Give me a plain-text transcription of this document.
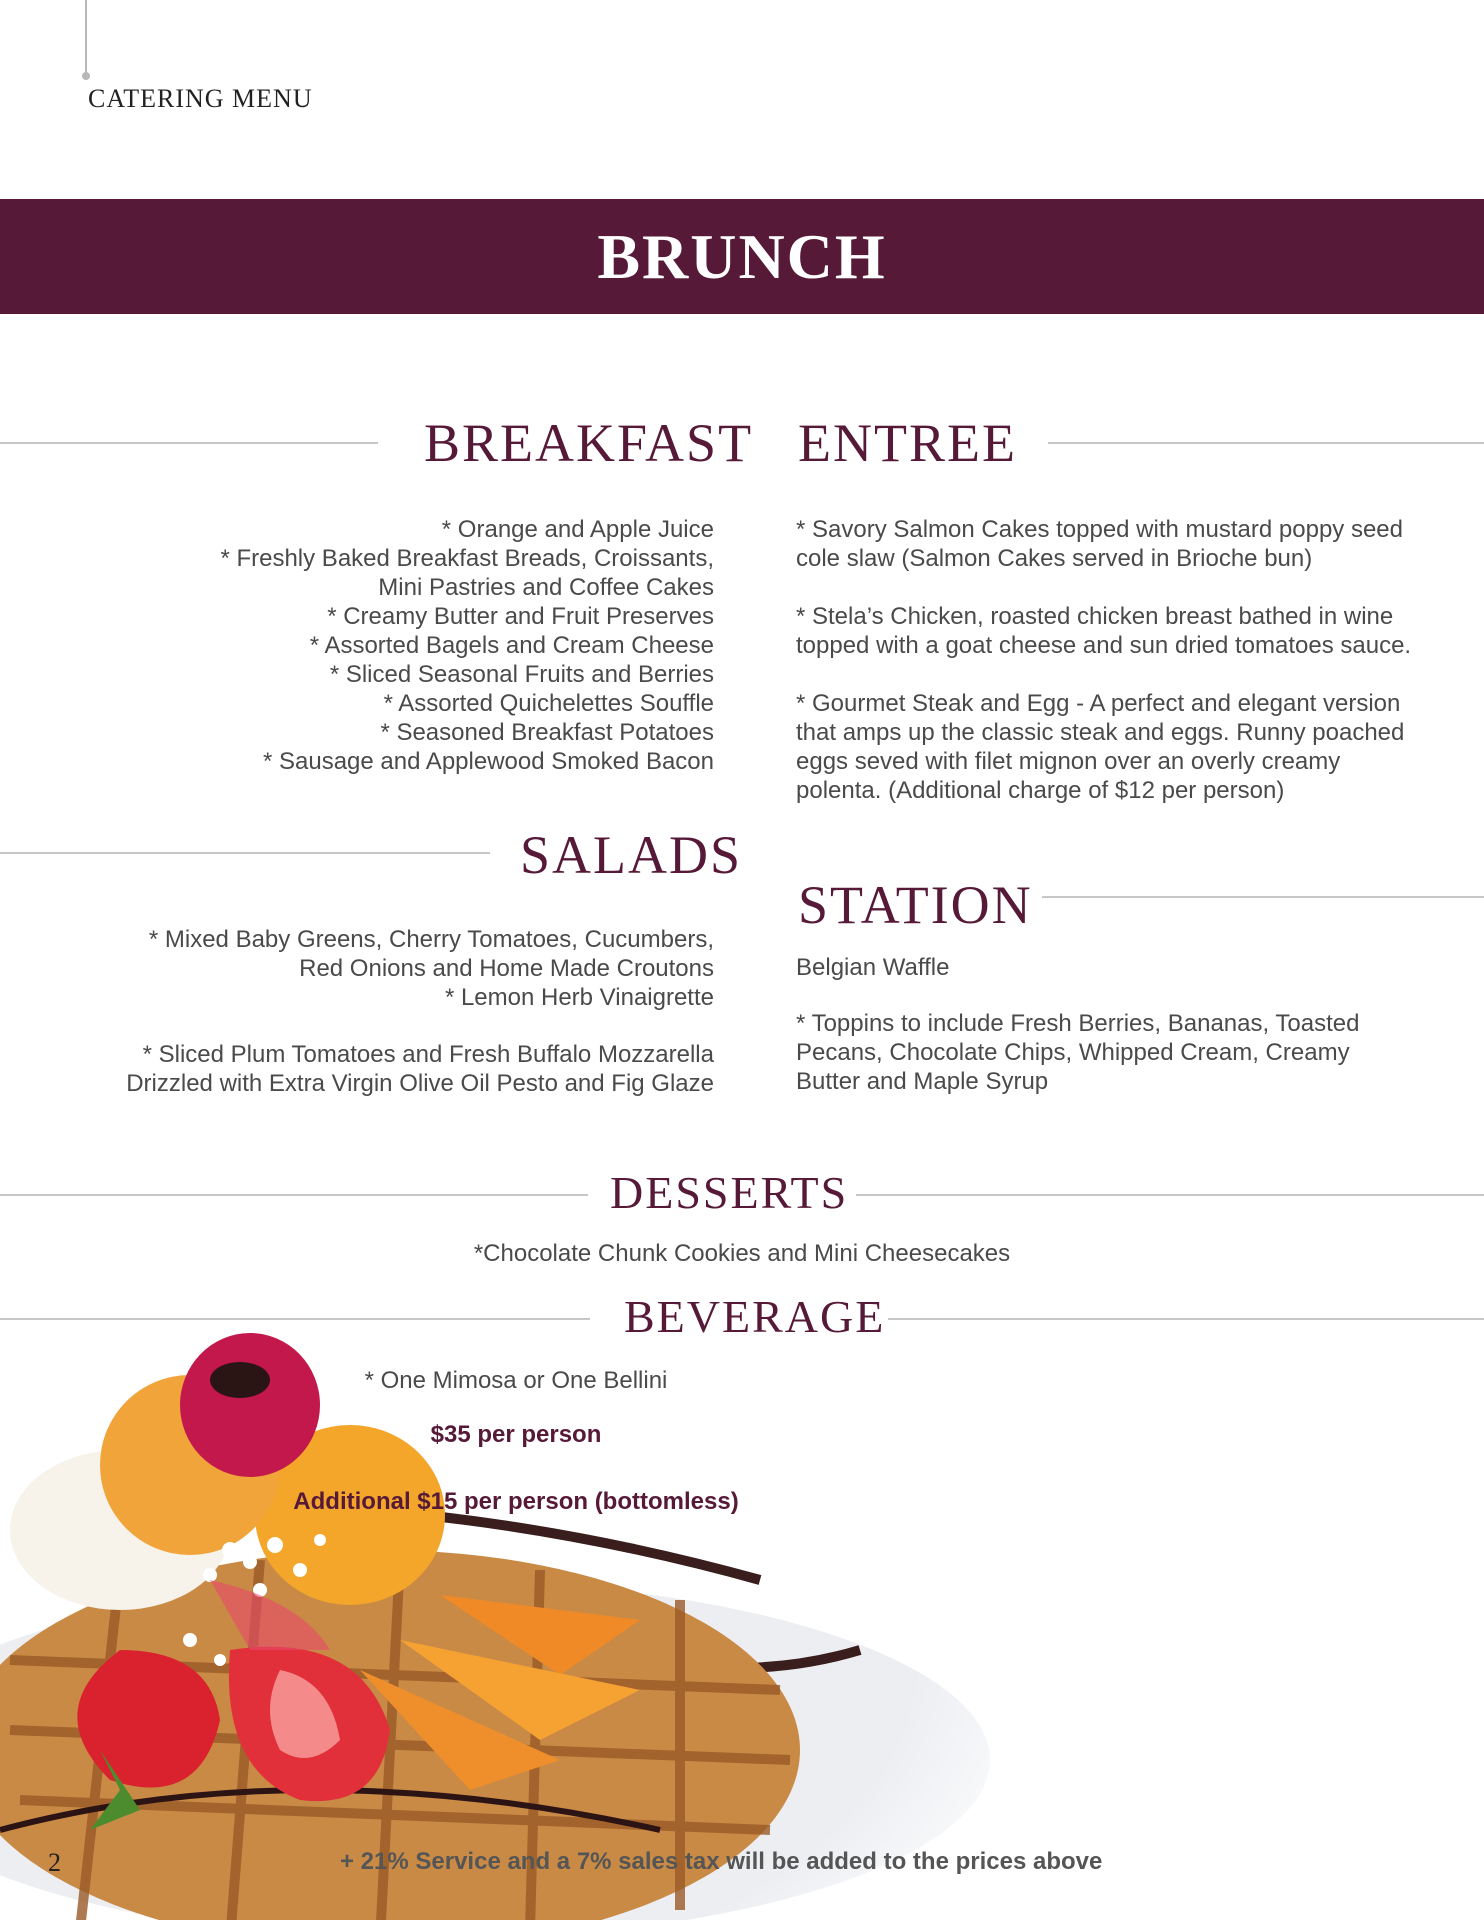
CATERING MENU
BRUNCH
BREAKFAST

* Orange and Apple Juice

* Freshly Baked Breakfast Breads, Croissants,

Mini Pastries and Coffee Cakes

* Creamy Butter and Fruit Preserves

* Assorted Bagels and Cream Cheese

* Sliced Seasonal Fruits and Berries

* Assorted Quichelettes Souffle

* Seasoned Breakfast Potatoes

* Sausage and Applewood Smoked Bacon

SALADS

* Mixed Baby Greens, Cherry Tomatoes, Cucumbers,

Red Onions and Home Made Croutons

* Lemon Herb Vinaigrette

* Sliced Plum Tomatoes and Fresh Buffalo Mozzarella

Drizzled with Extra Virgin Olive Oil Pesto and Fig Glaze

ENTREE

* Savory Salmon Cakes topped with mustard poppy seed cole slaw (Salmon Cakes served in Brioche bun)

* Stela’s Chicken, roasted chicken breast bathed in wine topped with a goat cheese and sun dried tomatoes sauce.

* Gourmet Steak and Egg - A perfect and elegant version that amps up the classic steak and eggs. Runny poached eggs seved with filet mignon over an overly creamy polenta. (Additional charge of $12 per person)

STATION

Belgian Waffle

* Toppins to include Fresh Berries, Bananas, Toasted Pecans, Chocolate Chips, Whipped Cream, Creamy Butter and Maple Syrup

DESSERTS
*Chocolate Chunk Cookies and Mini Cheesecakes
BEVERAGE
* One Mimosa or One Bellini
$35 per person
Additional $15 per person (bottomless)
2	+ 21% Service and a 7% sales tax will be added to the prices above
